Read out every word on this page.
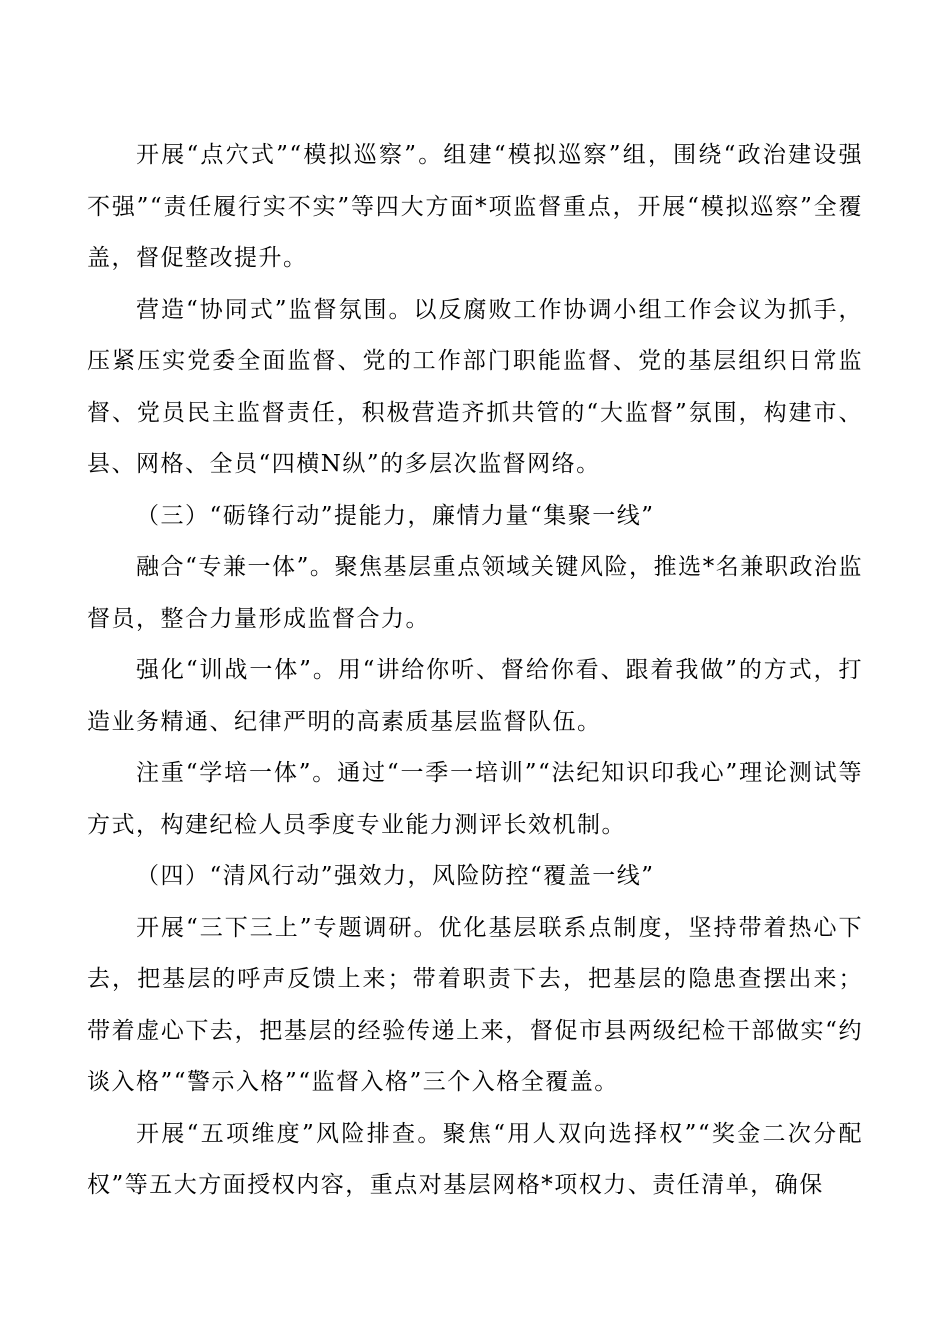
开展“点穴式”“模拟巡察”。组建“模拟巡察”组，围绕“政治建设强不强”“责任履行实不实”等四大方面*项监督重点，开展“模拟巡察”全覆盖，督促整改提升。

营造“协同式”监督氛围。以反腐败工作协调小组工作会议为抓手，压紧压实党委全面监督、党的工作部门职能监督、党的基层组织日常监督、党员民主监督责任，积极营造齐抓共管的“大监督”氛围，构建市、县、网格、全员“四横N纵”的多层次监督网络。

（三）“砺锋行动”提能力，廉情力量“集聚一线”

融合“专兼一体”。聚焦基层重点领域关键风险，推选*名兼职政治监督员，整合力量形成监督合力。

强化“训战一体”。用“讲给你听、督给你看、跟着我做”的方式，打造业务精通、纪律严明的高素质基层监督队伍。

注重“学培一体”。通过“一季一培训”“法纪知识印我心”理论测试等方式，构建纪检人员季度专业能力测评长效机制。

（四）“清风行动”强效力，风险防控“覆盖一线”

开展“三下三上”专题调研。优化基层联系点制度，坚持带着热心下去，把基层的呼声反馈上来；带着职责下去，把基层的隐患查摆出来；带着虚心下去，把基层的经验传递上来，督促市县两级纪检干部做实“约谈入格”“警示入格”“监督入格”三个入格全覆盖。

开展“五项维度”风险排查。聚焦“用人双向选择权”“奖金二次分配权”等五大方面授权内容，重点对基层网格*项权力、责任清单，确保
